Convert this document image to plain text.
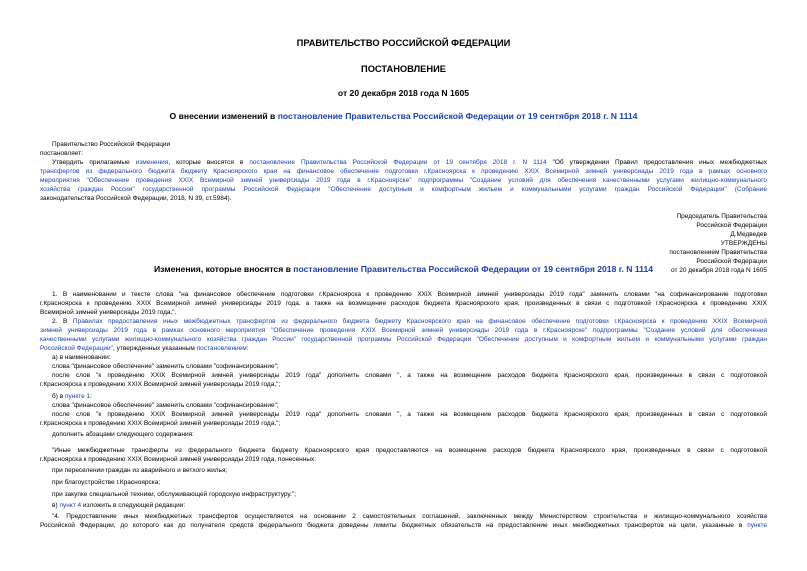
ПРАВИТЕЛЬСТВО РОССИЙСКОЙ ФЕДЕРАЦИИ
ПОСТАНОВЛЕНИЕ
от 20 декабря 2018 года N 1605
О внесении изменений в постановление Правительства Российской Федерации от 19 сентября 2018 г. N 1114
Правительство Российской Федерации
постановляет:
Утвердить прилагаемые изменения, которые вносятся в постановление Правительства Российской Федерации от 19 сентября 2018 г. N 1114 "Об утверждении Правил предоставления иных межбюджетных
трансфертов из федерального бюджета бюджету Красноярского края на финансовое обеспечение подготовки г.Красноярска к проведению XXIX Всемирной зимней универсиады 2019 года в рамках основного
мероприятия "Обеспечение проведения XXIX Всемирной зимней универсиады 2019 года в г.Красноярске" подпрограммы "Создание условий для обеспечения качественными услугами жилищно-коммунального
хозяйства граждан России" государственной программы Российской Федерации "Обеспечение доступным и комфортным жильем и коммунальными услугами граждан Российской Федерации" (Собрание
законодательства Российской Федерации, 2018, N 39, ст.5984).
Председатель Правительства
Российской Федерации
Д.Медведев
УТВЕРЖДЕНЫ
постановлением Правительства
Российской Федерации
от 20 декабря 2018 года N 1605
Изменения, которые вносятся в постановление Правительства Российской Федерации от 19 сентября 2018 г. N 1114
1. В наименовании и тексте слова "на финансовое обеспечение подготовки г.Красноярска к проведению XXIX Всемирной зимней универсиады 2019 года" заменить словами "на софинансирование подготовки
г.Красноярска к проведению XXIX Всемирной зимней универсиады 2019 года, а также на возмещение расходов бюджета Красноярского края, произведенных в связи с подготовкой г.Красноярска к проведению XXIX
Всемирной зимней универсиады 2019 года,".
2. В Правилах предоставления иных межбюджетных трансфертов из федерального бюджета бюджету Красноярского края на финансовое обеспечение подготовки г.Красноярска к проведению XXIX Всемирной
зимней универсиады 2019 года в рамках основного мероприятия "Обеспечение проведения XXIX Всемирной зимней универсиады 2019 года в г.Красноярске" подпрограммы "Создание условий для обеспечения
качественными услугами жилищно-коммунального хозяйства граждан России" государственной программы Российской Федерации "Обеспечение доступным и комфортным жильем и коммунальными услугами граждан
Российской Федерации", утвержденных указанным постановлением:
а) в наименовании:
слова "финансовое обеспечение" заменить словами "софинансирование";
после слов "к проведению XXIX Всемирной зимней универсиады 2019 года" дополнить словами ", а также на возмещение расходов бюджета Красноярского края, произведенных в связи с подготовкой
г.Красноярска к проведению XXIX Всемирной зимней универсиады 2019 года,";
б) в пункте 1:
слова "финансовое обеспечение" заменить словами "софинансирование";
после слов "к проведению XXIX Всемирной зимней универсиады 2019 года" дополнить словами ", а также на возмещение расходов бюджета Красноярского края, произведенных в связи с подготовкой
г.Красноярска к проведению XXIX Всемирной зимней универсиады 2019 года,";
дополнить абзацами следующего содержания:
"Иные межбюджетные трансферты из федерального бюджета бюджету Красноярского края предоставляются на возмещение расходов бюджета Красноярского края, произведенных в связи с подготовкой
г.Красноярска к проведению XXIX Всемирной зимней универсиады 2019 года, понесенных:
при переселении граждан из аварийного и ветхого жилья;
при благоустройстве г.Красноярска;
при закупке специальной техники, обслуживающей городскую инфраструктуру.";
в) пункт 4 изложить в следующей редакции:
"4. Предоставление иных межбюджетных трансфертов осуществляется на основании 2 самостоятельных соглашений, заключенных между Министерством строительства и жилищно-коммунального хозяйства
Российской Федерации, до которого как до получателя средств федерального бюджета доведены лимиты бюджетных обязательств на предоставление иных межбюджетных трансфертов на цели, указанные в пункте
